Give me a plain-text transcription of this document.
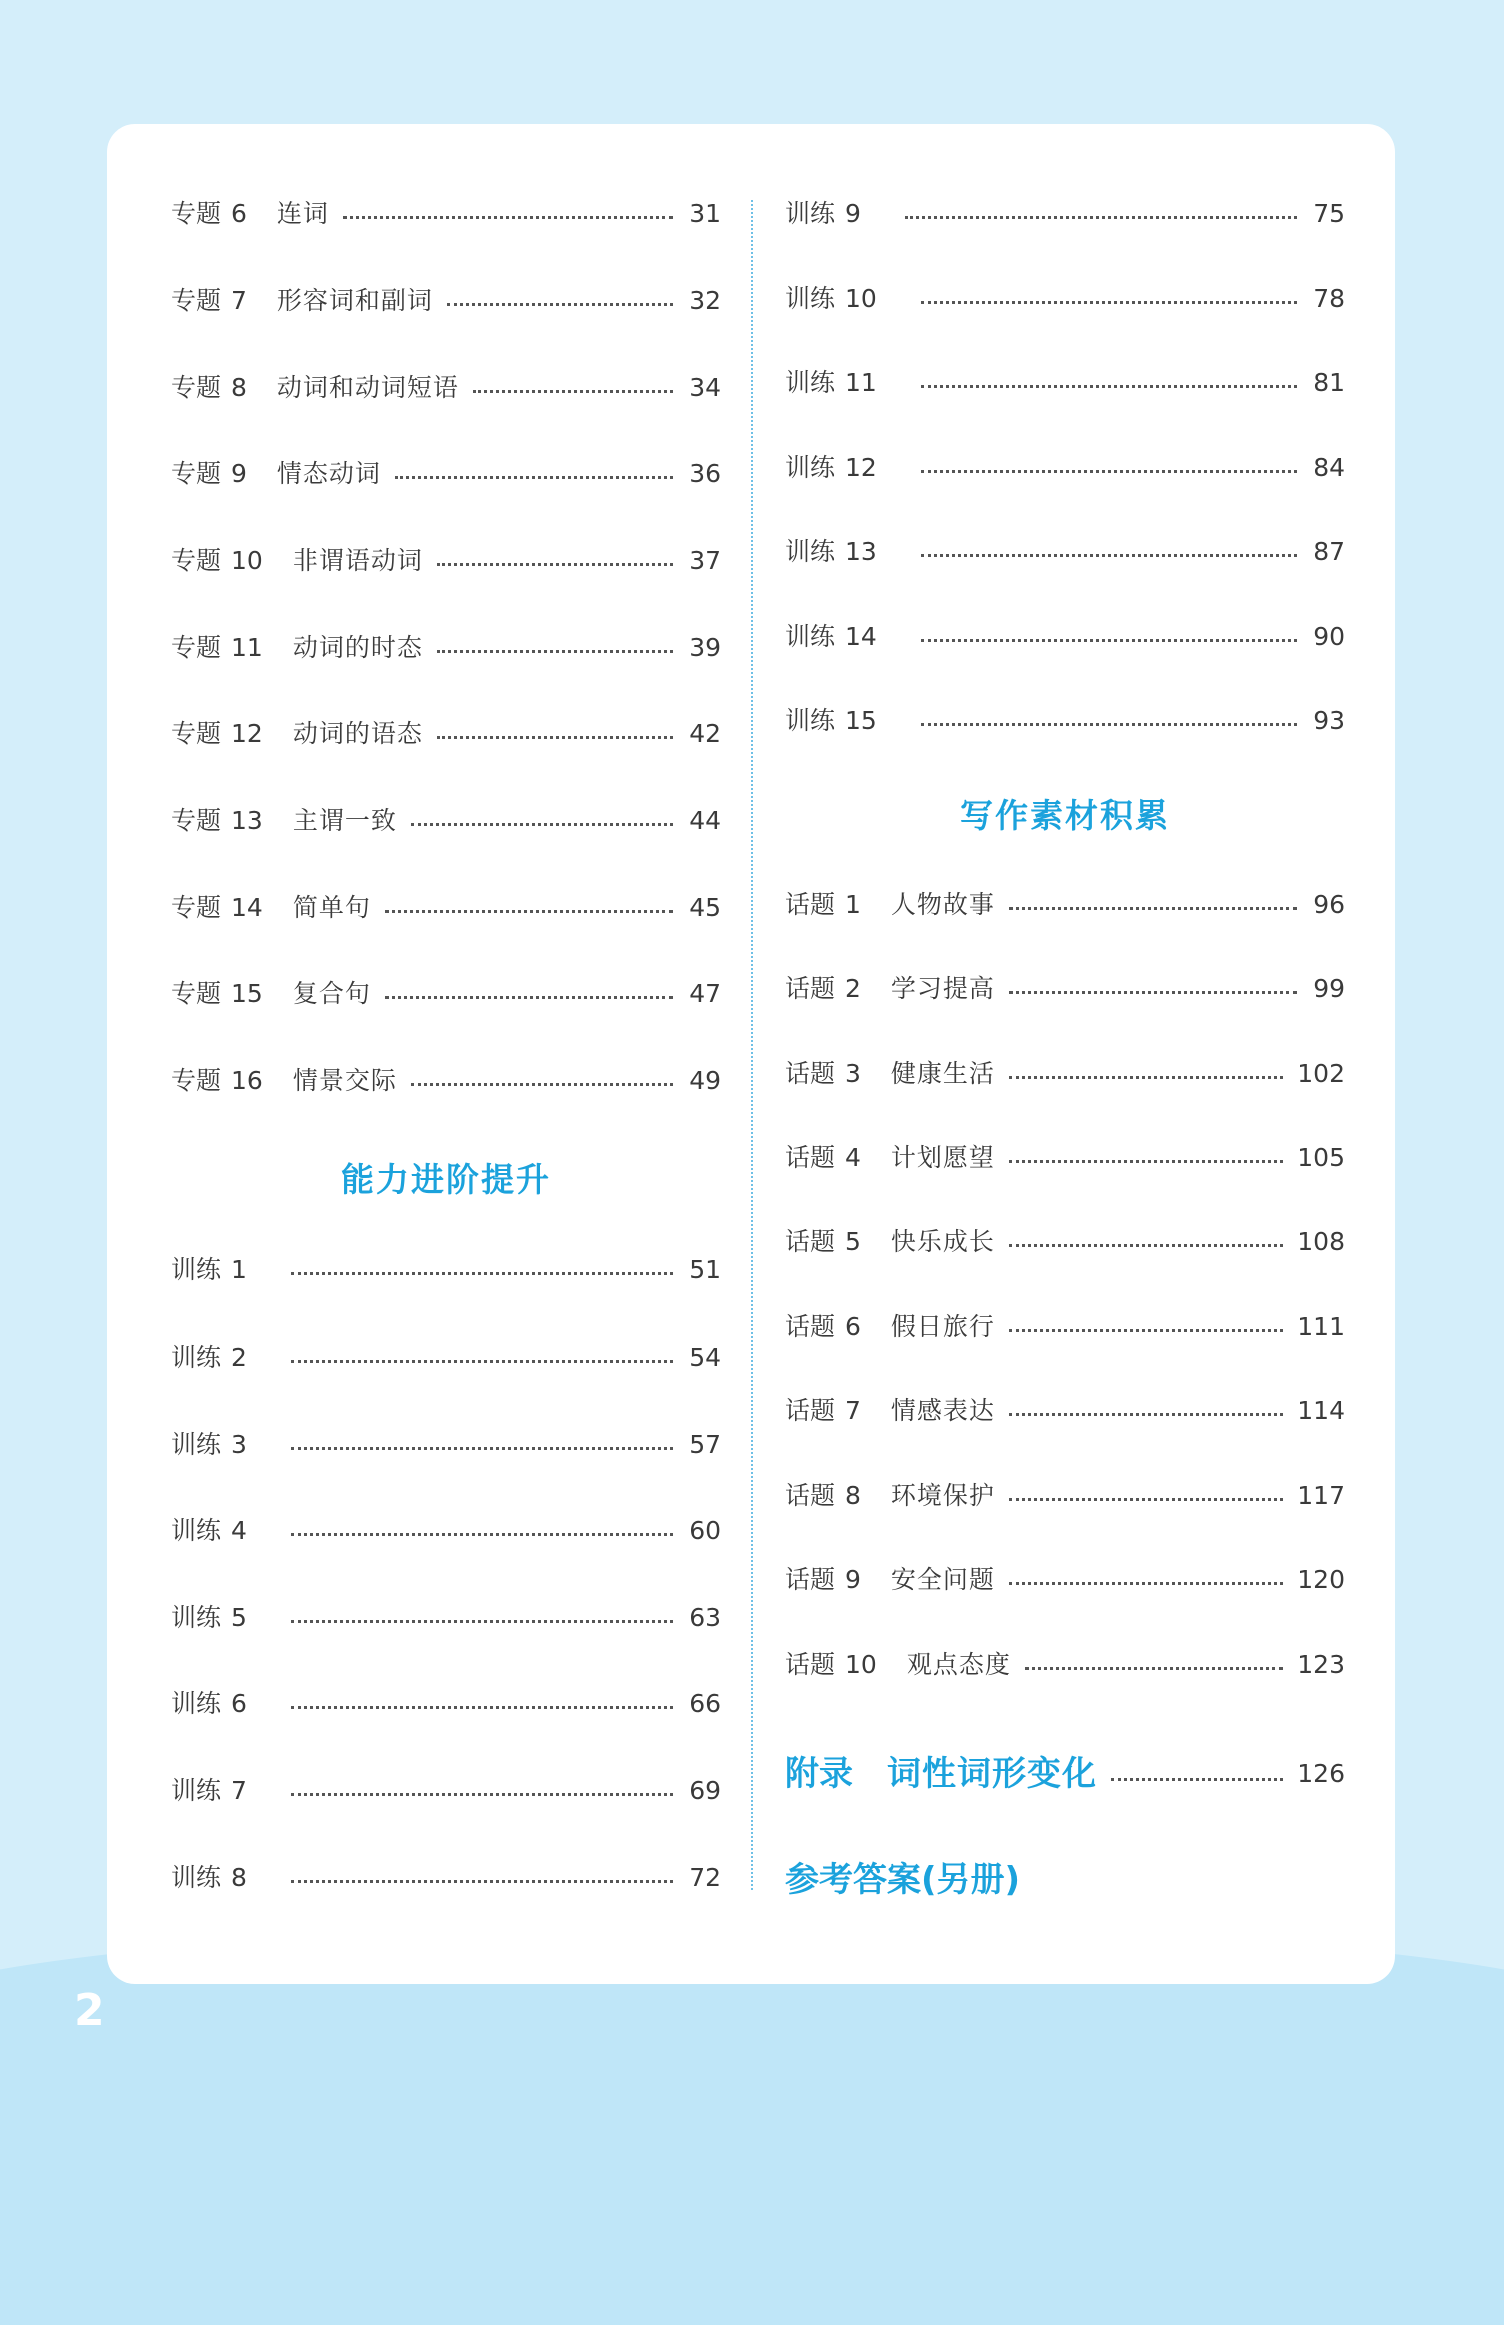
专题 6 连词	31
专题 7 形容词和副词	32
专题 8 动词和动词短语	34
专题 9 情态动词	36
专题 10 非谓语动词	37
专题 11 动词的时态	39
专题 12 动词的语态	42
专题 13 主谓一致	44
专题 14 简单句	45
专题 15 复合句	47
专题 16 情景交际	49
能力进阶提升
训练 1	51
训练 2	54
训练 3	57
训练 4	60
训练 5	63
训练 6	66
训练 7	69
训练 8	72
训练 9	75
训练 10	78
训练 11	81
训练 12	84
训练 13	87
训练 14	90
训练 15	93
写作素材积累
话题 1 人物故事	96
话题 2 学习提高	99
话题 3 健康生活	102
话题 4 计划愿望	105
话题 5 快乐成长	108
话题 6 假日旅行	111
话题 7 情感表达	114
话题 8 环境保护	117
话题 9 安全问题	120
话题 10 观点态度	123
附录 词性词形变化	126
参考答案(另册)
2
